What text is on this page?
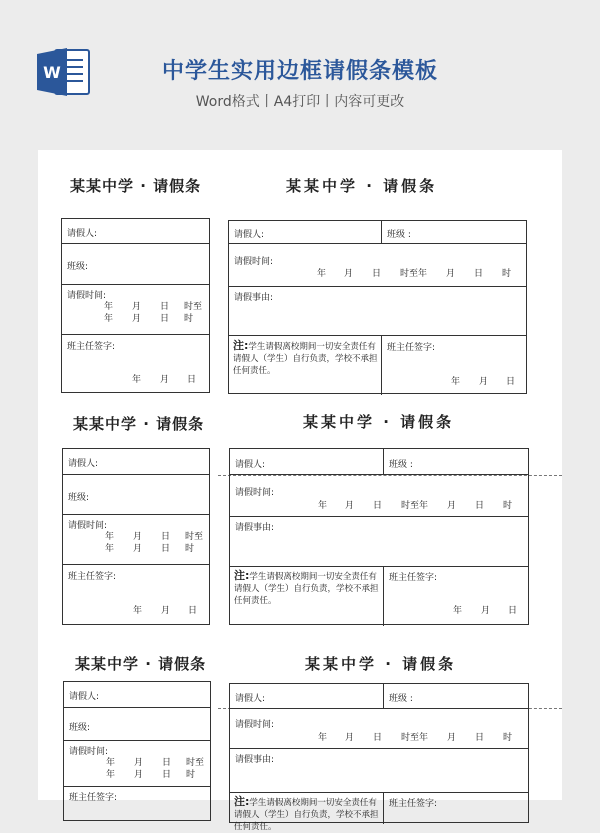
W	中学生实用边框请假条模板
Word格式丨A4打印丨内容可更改
某某中学 · 请假条	某某中学 · 请假条
请假人:
班级:
请假时间:
年 月 日 时至
年 月 日 时
班主任签字:
年 月 日
请假人:	班级 :
请假时间:
年 月 日 时至年 月 日 时
请假事由:
注:学生请假离校期间一切安全责任有请假人（学生）自行负责，学校不承担任何责任。
班主任签字:
年 月 日
某某中学 · 请假条	某某中学 · 请假条
请假人:
班级:
请假时间:
年 月 日 时至
年 月 日 时
班主任签字:
年 月 日
请假人:	班级 :
请假时间:
年 月 日 时至年 月 日 时
请假事由:
注:学生请假离校期间一切安全责任有请假人（学生）自行负责，学校不承担任何责任。
班主任签字:
年 月 日
某某中学 · 请假条	某某中学 · 请假条
请假人:
班级:
请假时间:
年 月 日 时至
年 月 日 时
班主任签字:
请假人:	班级 :
请假时间:
年 月 日 时至年 月 日 时
请假事由:
注:学生请假离校期间一切安全责任有请假人（学生）自行负责，学校不承担任何责任。
班主任签字:
